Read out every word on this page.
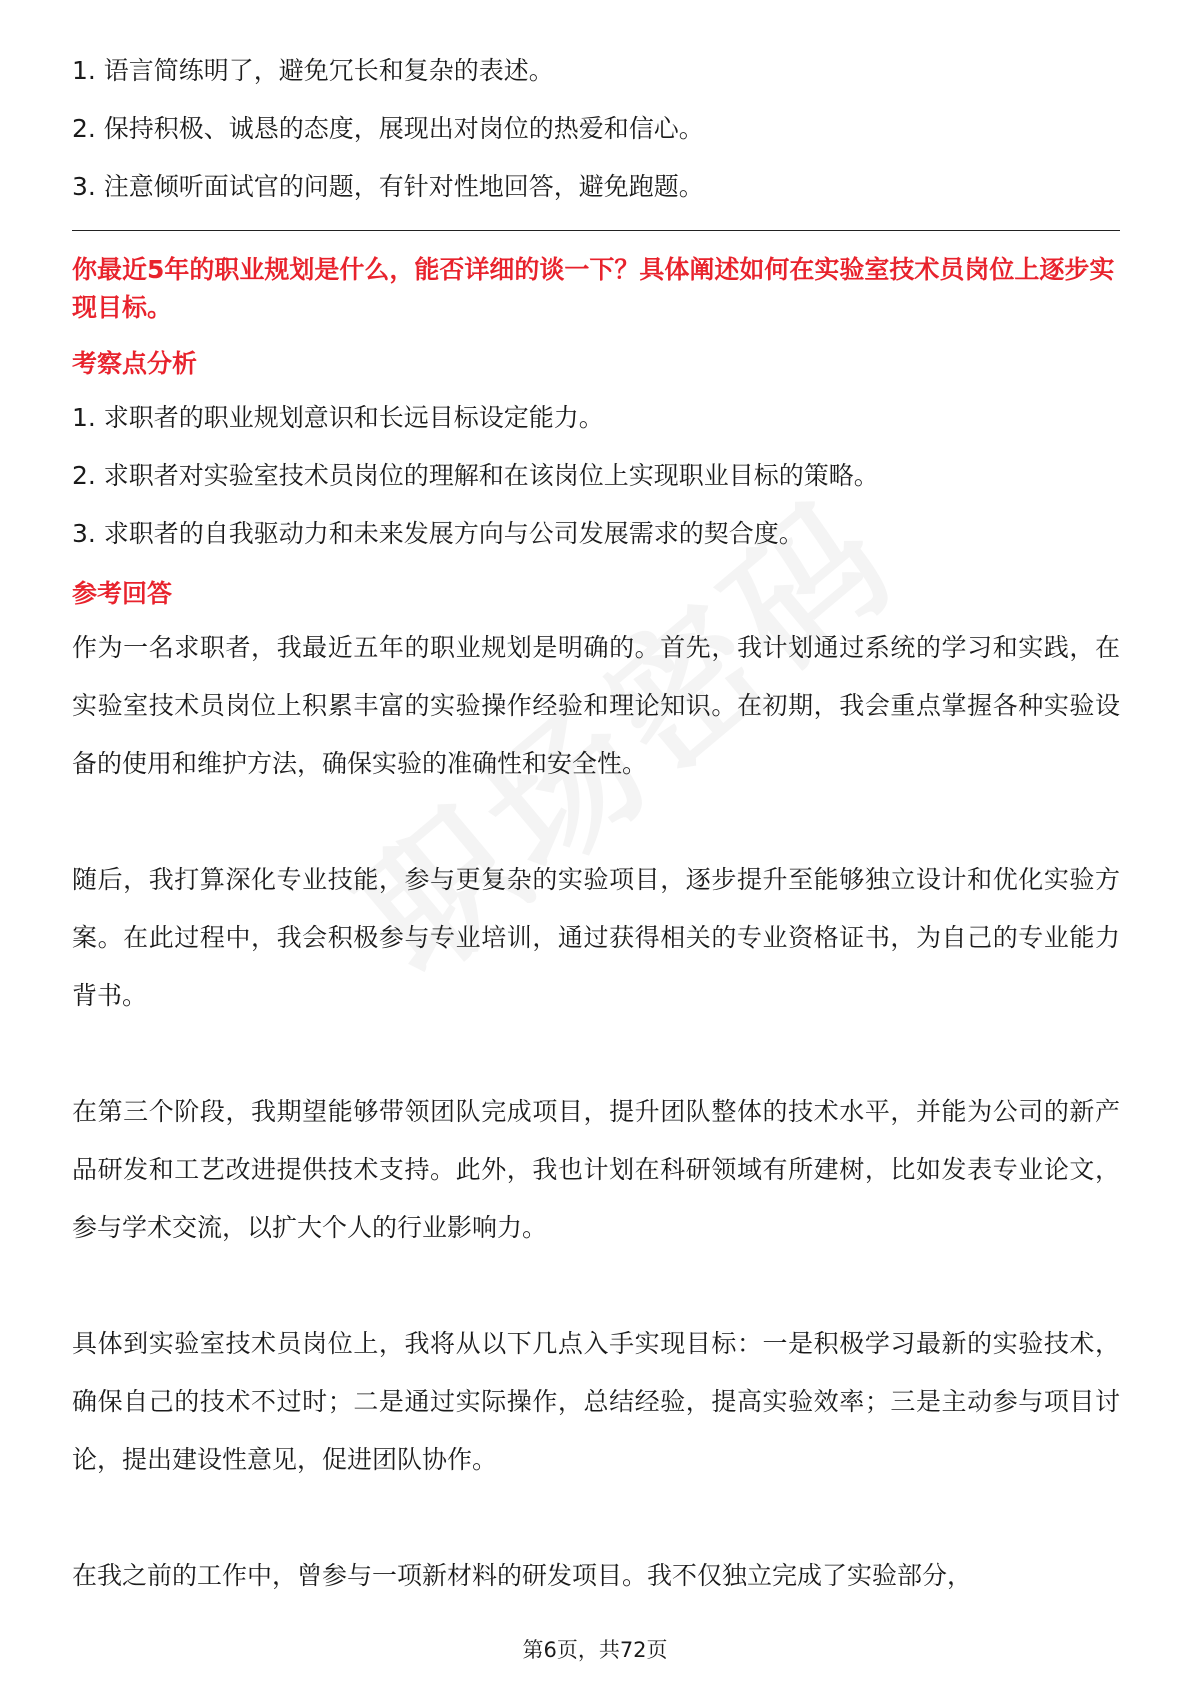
1. 语言简练明了，避免冗长和复杂的表述。
2. 保持积极、诚恳的态度，展现出对岗位的热爱和信心。
3. 注意倾听面试官的问题，有针对性地回答，避免跑题。
你最近5年的职业规划是什么，能否详细的谈一下？具体阐述如何在实验室技术员岗位上逐步实现目标。
考察点分析
1. 求职者的职业规划意识和长远目标设定能力。
2. 求职者对实验室技术员岗位的理解和在该岗位上实现职业目标的策略。
3. 求职者的自我驱动力和未来发展方向与公司发展需求的契合度。
参考回答

作为一名求职者，我最近五年的职业规划是明确的。首先，我计划通过系统的学习和实践，在实验室技术员岗位上积累丰富的实验操作经验和理论知识。在初期，我会重点掌握各种实验设备的使用和维护方法，确保实验的准确性和安全性。

随后，我打算深化专业技能，参与更复杂的实验项目，逐步提升至能够独立设计和优化实验方案。在此过程中，我会积极参与专业培训，通过获得相关的专业资格证书，为自己的专业能力背书。

在第三个阶段，我期望能够带领团队完成项目，提升团队整体的技术水平，并能为公司的新产品研发和工艺改进提供技术支持。此外，我也计划在科研领域有所建树，比如发表专业论文，参与学术交流，以扩大个人的行业影响力。

具体到实验室技术员岗位上，我将从以下几点入手实现目标：一是积极学习最新的实验技术，确保自己的技术不过时；二是通过实际操作，总结经验，提高实验效率；三是主动参与项目讨论，提出建设性意见，促进团队协作。

在我之前的工作中，曾参与一项新材料的研发项目。我不仅独立完成了实验部分，

第6页，共72页
